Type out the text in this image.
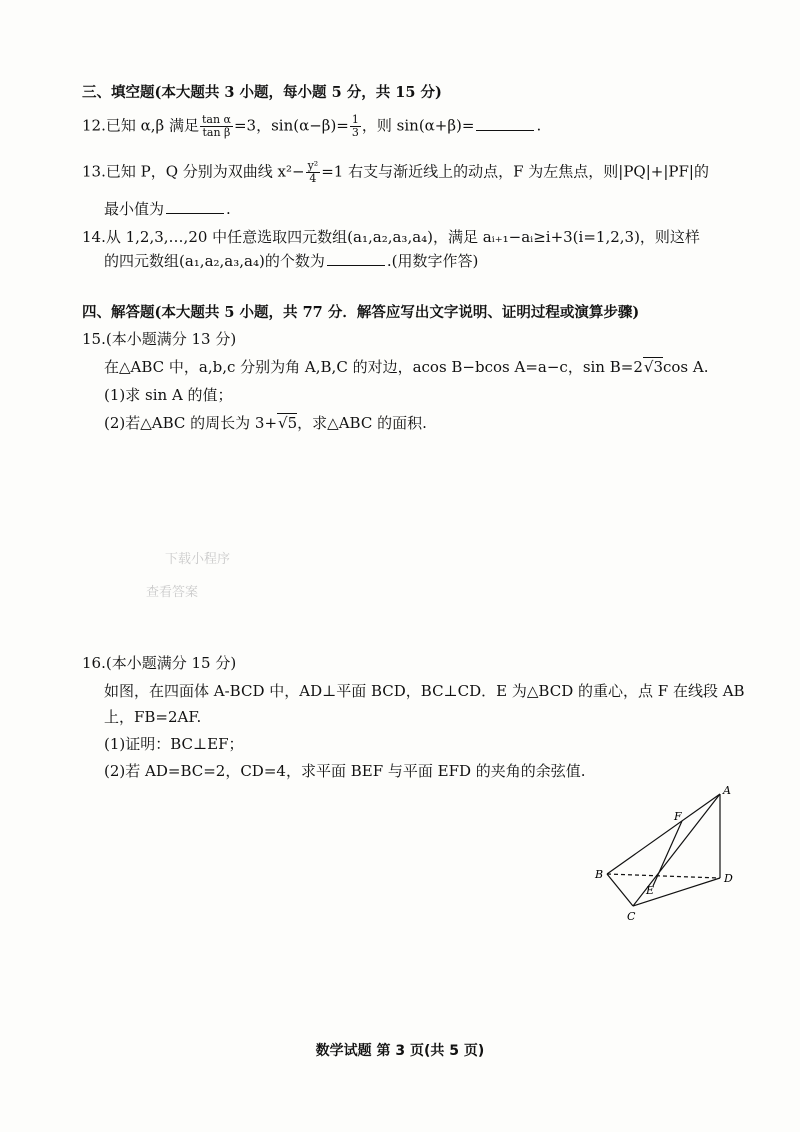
三、填空题(本大题共 3 小题，每小题 5 分，共 15 分)
12.已知 α,β 满足 $\frac{\text{tan α}}{\text{tan β}} =3$，$\sin(\alpha-\beta)= \frac{1}{3}$ ，则 sin(α+β)=	.
13.已知 P，Q 分别为双曲线 $x^2- \frac{\text{y²}}{4} =1$ 右支与渐近线上的动点，F 为左焦点，则|PQ|+|PF|的
最小值为	.
14.从 1,2,3,…,20 中任意选取四元数组(a₁,a₂,a₃,a₄)，满足 aᵢ₊₁−aᵢ≥i+3(i=1,2,3)，则这样
的四元数组(a₁,a₂,a₃,a₄)的个数为	.(用数字作答)
四、解答题(本大题共 5 小题，共 77 分．解答应写出文字说明、证明过程或演算步骤)
15.(本小题满分 13 分)
在△ABC 中，a,b,c 分别为角 A,B,C 的对边，acos B−bcos A=a−c，sin B=2√3cos A.
(1)求 sin A 的值；
(2)若△ABC 的周长为 3+√5，求△ABC 的面积.
下载小程序
查看答案
16.(本小题满分 15 分)
如图，在四面体 A-BCD 中，AD⊥平面 BCD，BC⊥CD．E 为△BCD 的重心，点 F 在线段 AB
上，FB=2AF.
(1)证明：BC⊥EF；
(2)若 AD=BC=2，CD=4，求平面 BEF 与平面 EFD 的夹角的余弦值.
A
F
B
E
D
C
数学试题 第 3 页(共 5 页)
